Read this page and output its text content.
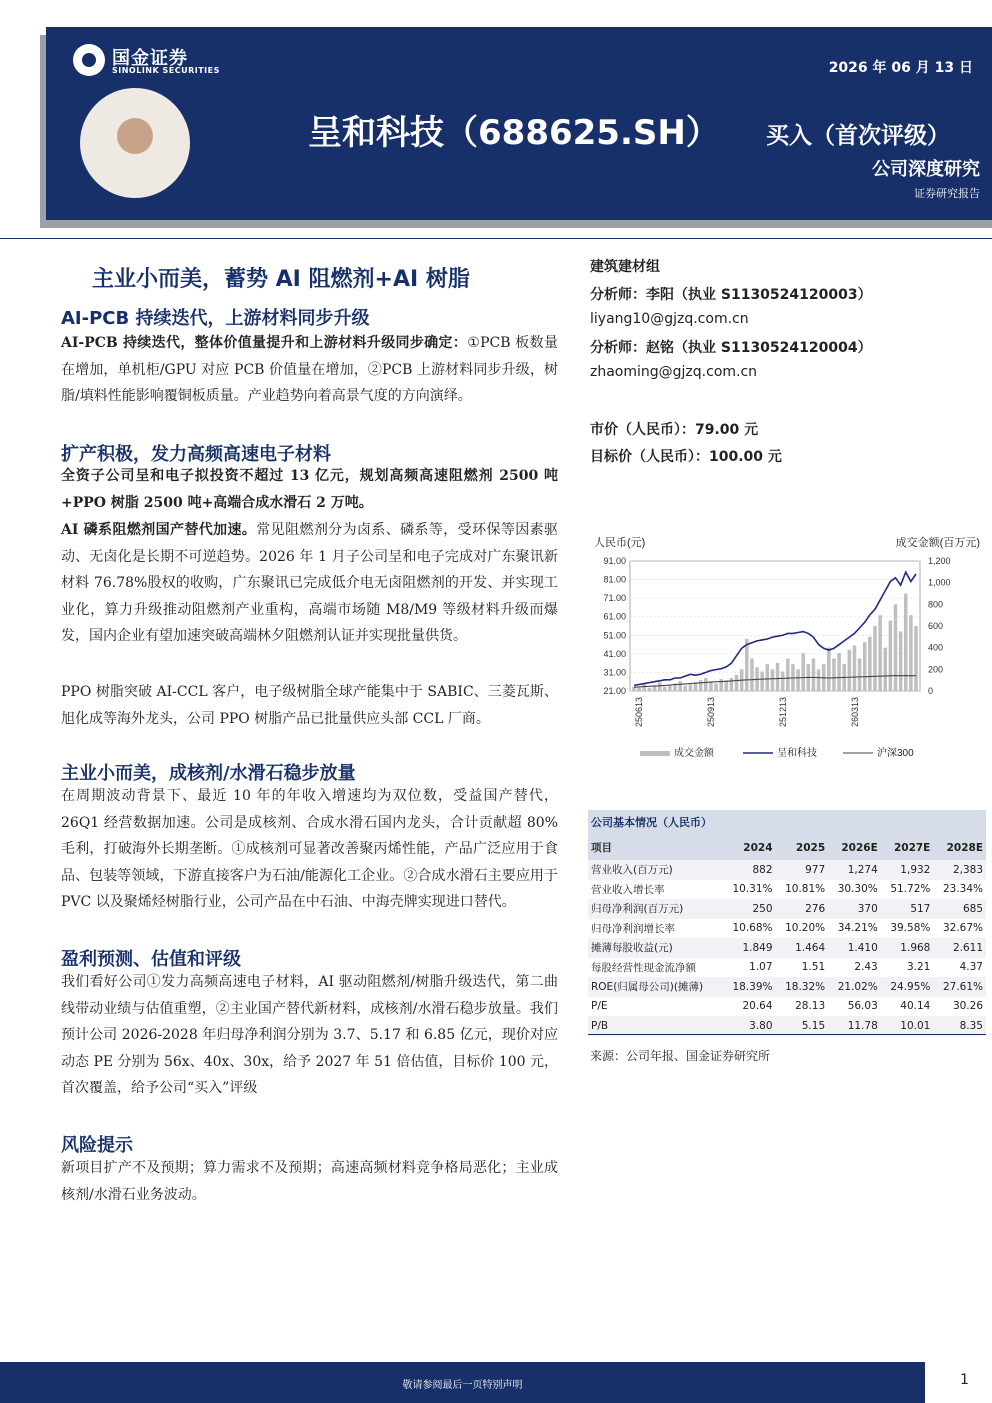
国金证券
SINOLINK SECURITIES	2026 年 06 月 13 日
呈和科技（688625.SH） 买入（首次评级）
公司深度研究
证券研究报告
主业小而美，蓄势 AI 阻燃剂+AI 树脂
AI-PCB 持续迭代，上游材料同步升级
AI-PCB 持续迭代，整体价值量提升和上游材料升级同步确定：①PCB 板数量在增加，单机柜/GPU 对应 PCB 价值量在增加，②PCB 上游材料同步升级，树脂/填料性能影响覆铜板质量。产业趋势向着高景气度的方向演绎。
扩产积极，发力高频高速电子材料
全资子公司呈和电子拟投资不超过 13 亿元，规划高频高速阻燃剂 2500 吨+PPO 树脂 2500 吨+高端合成水滑石 2 万吨。
AI 磷系阻燃剂国产替代加速。常见阻燃剂分为卤系、磷系等，受环保等因素驱动、无卤化是长期不可逆趋势。2026 年 1 月子公司呈和电子完成对广东聚讯新材料 76.78%股权的收购，广东聚讯已完成低介电无卤阻燃剂的开发、并实现工业化，算力升级推动阻燃剂产业重构，高端市场随 M8/M9 等级材料升级而爆发，国内企业有望加速突破高端林夕阻燃剂认证并实现批量供货。
PPO 树脂突破 AI-CCL 客户，电子级树脂全球产能集中于 SABIC、三菱瓦斯、旭化成等海外龙头，公司 PPO 树脂产品已批量供应头部 CCL 厂商。
主业小而美，成核剂/水滑石稳步放量
在周期波动背景下、最近 10 年的年收入增速均为双位数，受益国产替代，26Q1 经营数据加速。公司是成核剂、合成水滑石国内龙头，合计贡献超 80%毛利，打破海外长期垄断。①成核剂可显著改善聚丙烯性能，产品广泛应用于食品、包装等领域，下游直接客户为石油/能源化工企业。②合成水滑石主要应用于 PVC 以及聚烯烃树脂行业，公司产品在中石油、中海壳牌实现进口替代。
盈利预测、估值和评级
我们看好公司①发力高频高速电子材料，AI 驱动阻燃剂/树脂升级迭代，第二曲线带动业绩与估值重塑，②主业国产替代新材料，成核剂/水滑石稳步放量。我们预计公司 2026-2028 年归母净利润分别为 3.7、5.17 和 6.85 亿元，现价对应动态 PE 分别为 56x、40x、30x，给予 2027 年 51 倍估值，目标价 100 元，首次覆盖，给予公司“买入”评级
风险提示
新项目扩产不及预期；算力需求不及预期；高速高频材料竞争格局恶化；主业成核剂/水滑石业务波动。
建筑建材组
分析师：李阳（执业 S1130524120003）
liyang10@gjzq.com.cn
分析师：赵铭（执业 S1130524120004）
zhaoming@gjzq.com.cn
市价（人民币）：79.00 元
目标价（人民币）：100.00 元
人民币(元)	成交金额(百万元)
21.00
31.00
41.00
51.00
61.00
71.00
81.00
91.00
0
200
400
600
800
1,000
1,200
250613	250913	251213	260313
成交金额	呈和科技	沪深300
公司基本情况（人民币）
项目	2024	2025	2026E	2027E	2028E
营业收入(百万元)	882	977	1,274	1,932	2,383
营业收入增长率	10.31%	10.81%	30.30%	51.72%	23.34%
归母净利润(百万元)	250	276	370	517	685
归母净利润增长率	10.68%	10.20%	34.21%	39.58%	32.67%
摊薄每股收益(元)	1.849	1.464	1.410	1.968	2.611
每股经营性现金流净额	1.07	1.51	2.43	3.21	4.37
ROE(归属母公司)(摊薄)	18.39%	18.32%	21.02%	24.95%	27.61%
P/E	20.64	28.13	56.03	40.14	30.26
P/B	3.80	5.15	11.78	10.01	8.35
来源：公司年报、国金证券研究所
敬请参阅最后一页特别声明	1
